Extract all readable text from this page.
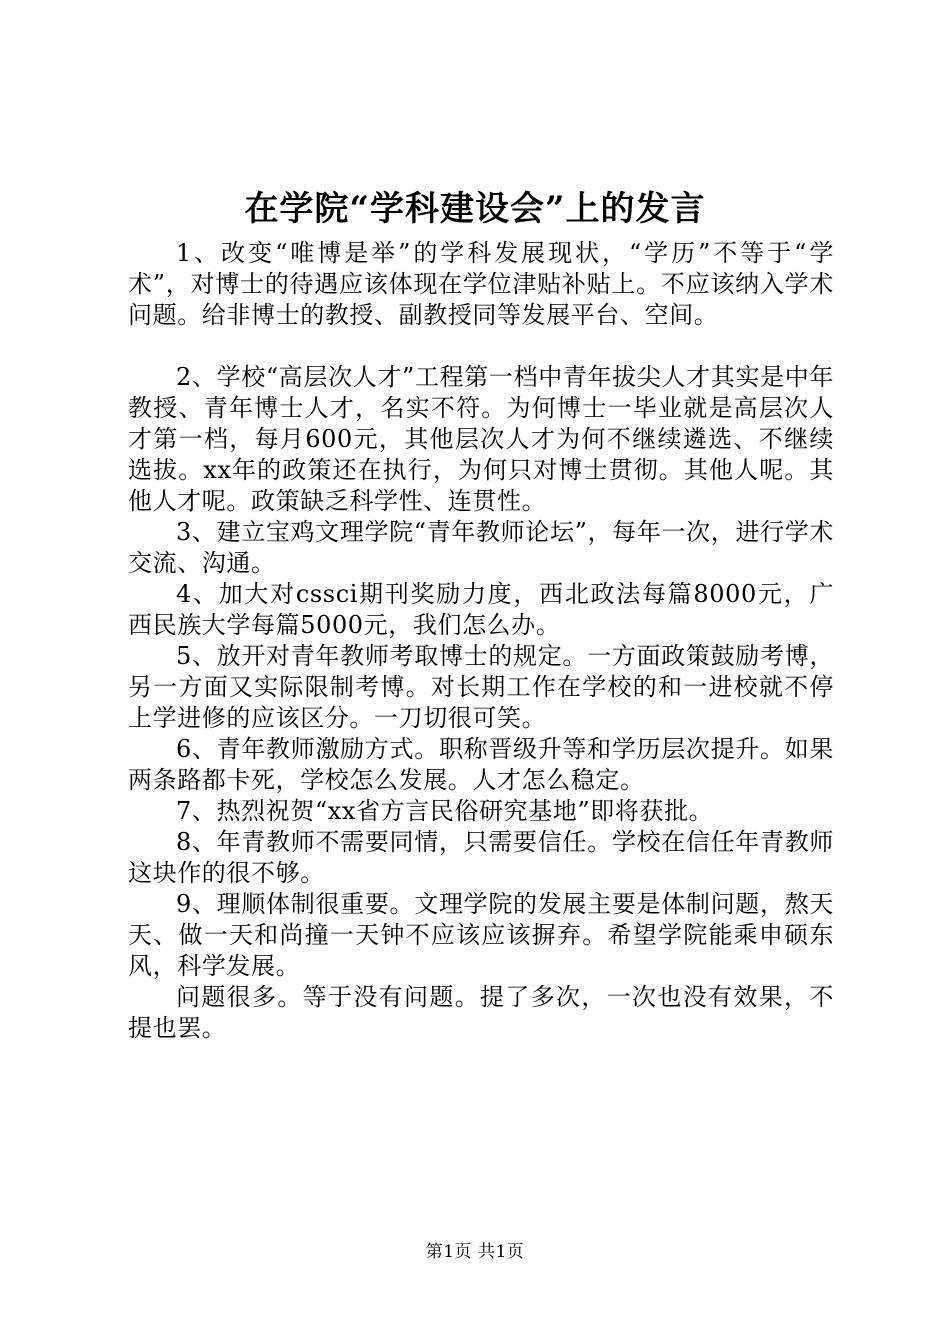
在学院“学科建设会”上的发言

1、改变“唯博是举”的学科发展现状，“学历”不等于“学术”，对博士的待遇应该体现在学位津贴补贴上。不应该纳入学术问题。给非博士的教授、副教授同等发展平台、空间。

2、学校“高层次人才”工程第一档中青年拔尖人才其实是中年教授、青年博士人才，名实不符。为何博士一毕业就是高层次人才第一档，每月600元，其他层次人才为何不继续遴选、不继续选拔。xx年的政策还在执行，为何只对博士贯彻。其他人呢。其他人才呢。政策缺乏科学性、连贯性。

3、建立宝鸡文理学院“青年教师论坛”，每年一次，进行学术交流、沟通。

4、加大对cssci期刊奖励力度，西北政法每篇8000元，广西民族大学每篇5000元，我们怎么办。

5、放开对青年教师考取博士的规定。一方面政策鼓励考博，另一方面又实际限制考博。对长期工作在学校的和一进校就不停上学进修的应该区分。一刀切很可笑。

6、青年教师激励方式。职称晋级升等和学历层次提升。如果两条路都卡死，学校怎么发展。人才怎么稳定。

7、热烈祝贺“xx省方言民俗研究基地”即将获批。

8、年青教师不需要同情，只需要信任。学校在信任年青教师这块作的很不够。

9、理顺体制很重要。文理学院的发展主要是体制问题，熬天天、做一天和尚撞一天钟不应该应该摒弃。希望学院能乘申硕东风，科学发展。

问题很多。等于没有问题。提了多次，一次也没有效果，不提也罢。

第1页 共1页
